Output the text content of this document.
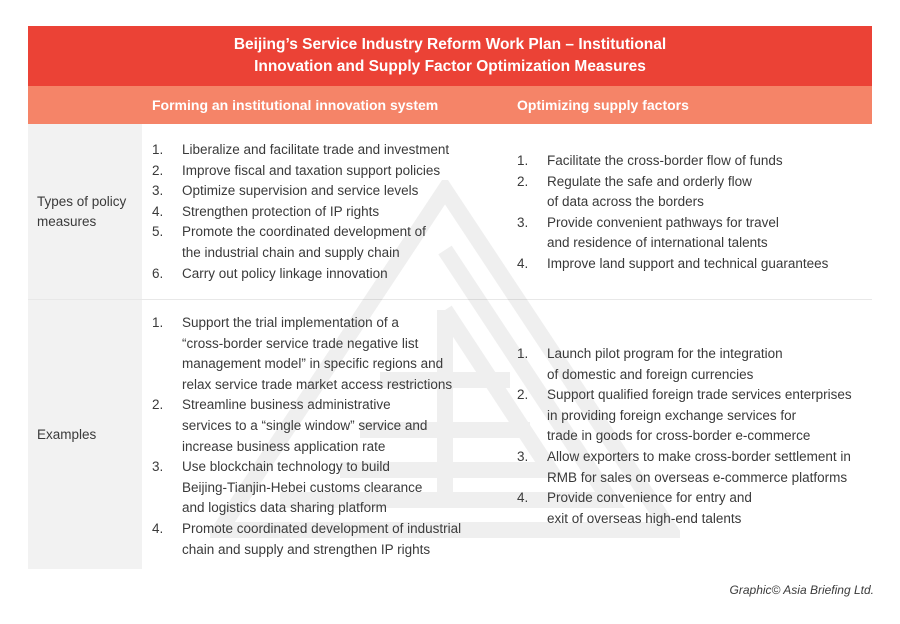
Beijing’s Service Industry Reform Work Plan – Institutional
Innovation and Supply Factor Optimization Measures
Forming an institutional innovation system	Optimizing supply factors
Types of policy
measures
1. Liberalize and facilitate trade and investment
2. Improve fiscal and taxation support policies
3. Optimize supervision and service levels
4. Strengthen protection of IP rights
5. Promote the coordinated development of
the industrial chain and supply chain
6. Carry out policy linkage innovation
1. Facilitate the cross-border flow of funds
2. Regulate the safe and orderly flow
of data across the borders
3. Provide convenient pathways for travel
and residence of international talents
4. Improve land support and technical guarantees
Examples
1. Support the trial implementation of a
“cross-border service trade negative list
management model” in specific regions and
relax service trade market access restrictions
2. Streamline business administrative
services to a “single window” service and
increase business application rate
3. Use blockchain technology to build
Beijing-Tianjin-Hebei customs clearance
and logistics data sharing platform
4. Promote coordinated development of industrial
chain and supply and strengthen IP rights
1. Launch pilot program for the integration
of domestic and foreign currencies
2. Support qualified foreign trade services enterprises
in providing foreign exchange services for
trade in goods for cross-border e-commerce
3. Allow exporters to make cross-border settlement in
RMB for sales on overseas e-commerce platforms
4. Provide convenience for entry and
exit of overseas high-end talents
Graphic© Asia Briefing Ltd.
